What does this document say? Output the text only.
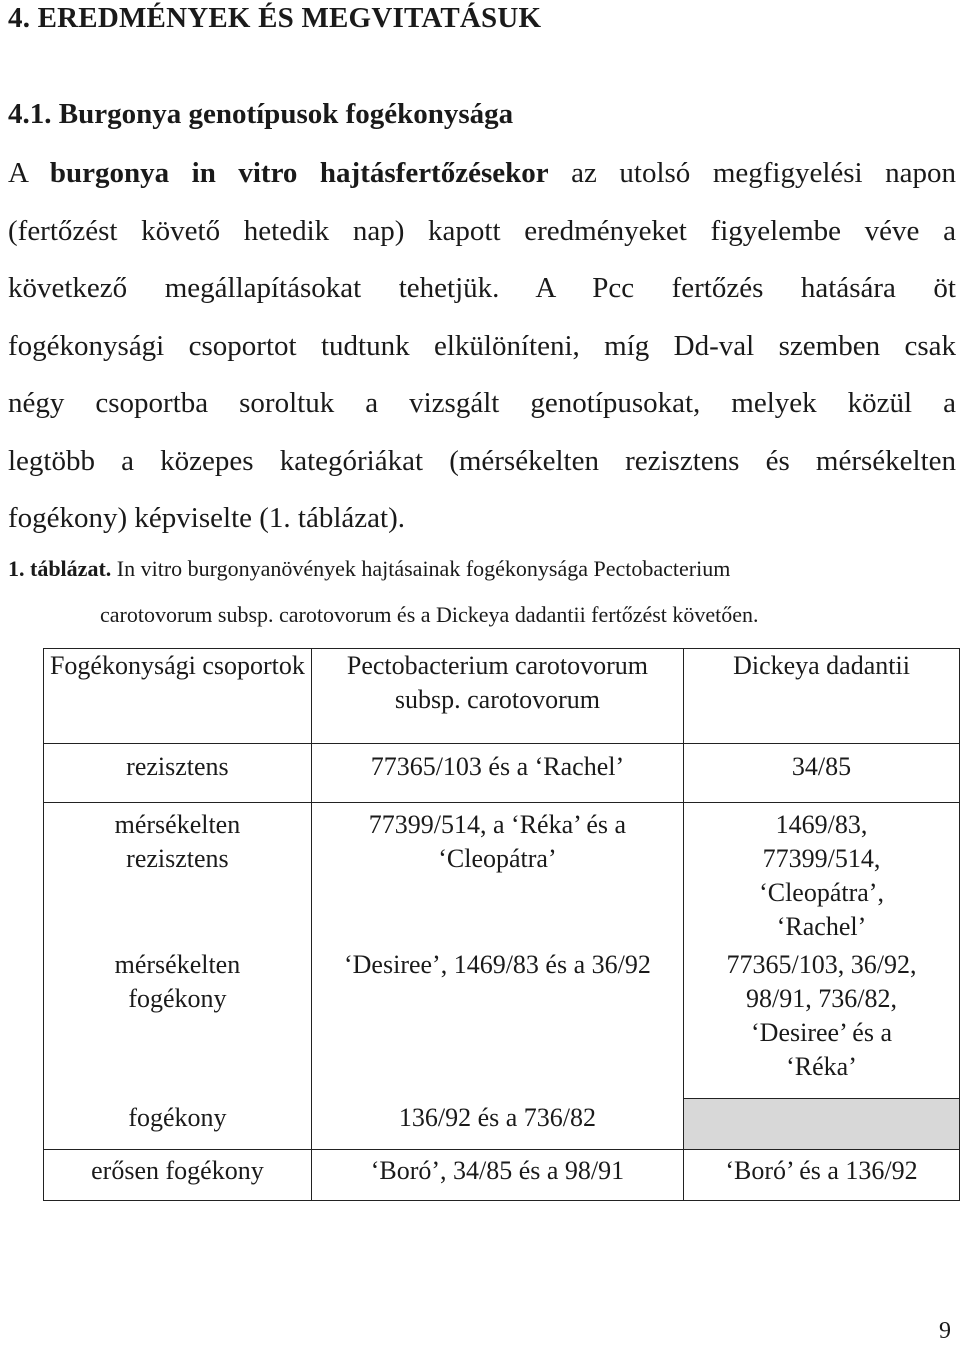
4. EREDMÉNYEK ÉS MEGVITATÁSUK
4.1. Burgonya genotípusok fogékonysága
A burgonya in vitro hajtásfertőzésekor az utolsó megfigyelési napon
(fertőzést követő hetedik nap) kapott eredményeket figyelembe véve a
következő megállapításokat tehetjük. A Pcc fertőzés hatására öt
fogékonysági csoportot tudtunk elkülöníteni, míg Dd-val szemben csak
négy csoportba soroltuk a vizsgált genotípusokat, melyek közül a
legtöbb a közepes kategóriákat (mérsékelten rezisztens és mérsékelten
fogékony) képviselte (1. táblázat).
1. táblázat. In vitro burgonyanövények hajtásainak fogékonysága Pectobacterium
carotovorum subsp. carotovorum és a Dickeya dadantii fertőzést követően.
Fogékonysági csoportok	Pectobacterium carotovorum subsp. carotovorum	Dickeya dadantii
rezisztens	77365/103 és a ‘Rachel’	34/85
mérsékelten rezisztens	77399/514, a ‘Réka’ és a ‘Cleopátra’	1469/83, 77399/514, ‘Cleopátra’, ‘Rachel’
mérsékelten fogékony	‘Desiree’, 1469/83 és a 36/92	77365/103, 36/92, 98/91, 736/82, ‘Desiree’ és a ‘Réka’
fogékony	136/92 és a 736/82	
erősen fogékony	‘Boró’, 34/85 és a 98/91	‘Boró’ és a 136/92
9
